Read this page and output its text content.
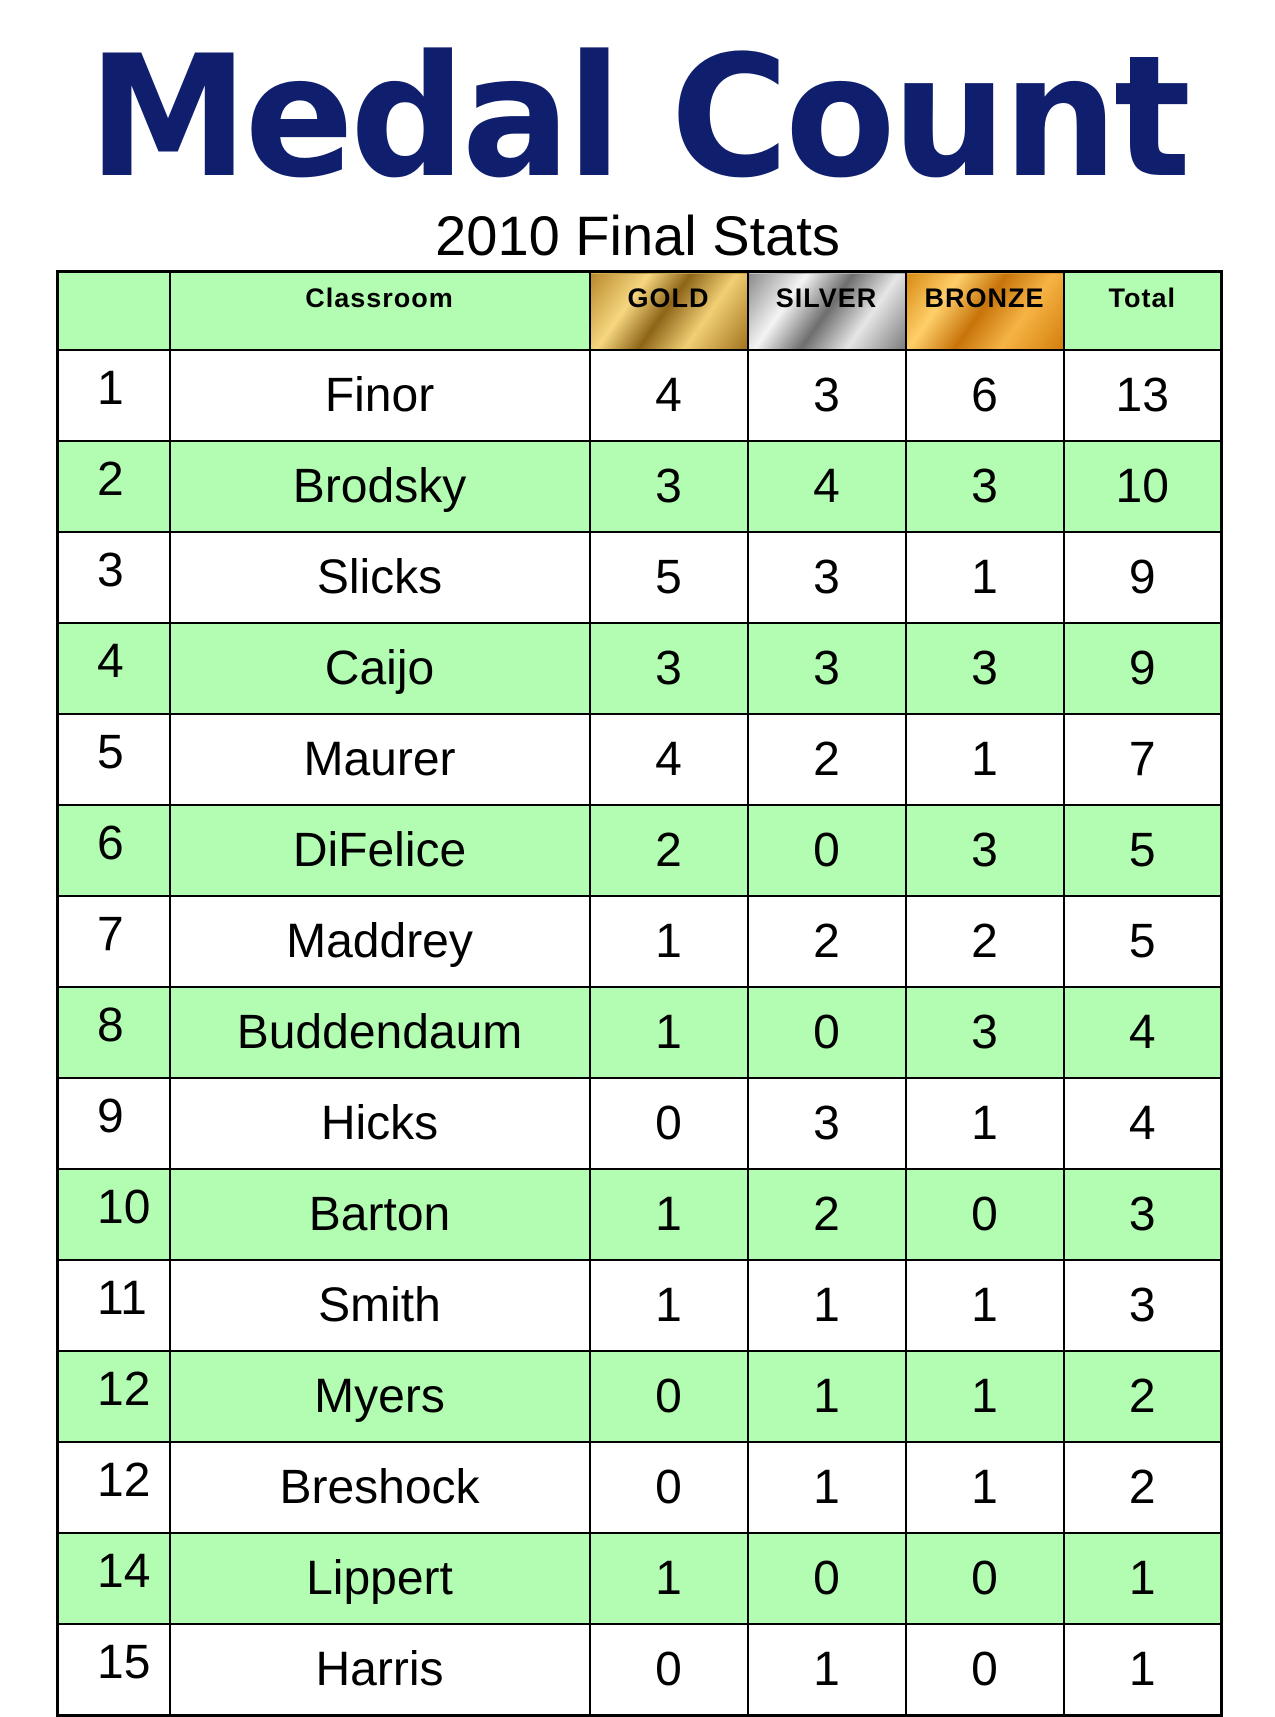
Medal Count
2010 Final Stats
	Classroom	GOLD	SILVER	BRONZE	Total
1	Finor	4	3	6	13
2	Brodsky	3	4	3	10
3	Slicks	5	3	1	9
4	Caijo	3	3	3	9
5	Maurer	4	2	1	7
6	DiFelice	2	0	3	5
7	Maddrey	1	2	2	5
8	Buddendaum	1	0	3	4
9	Hicks	0	3	1	4
10	Barton	1	2	0	3
11	Smith	1	1	1	3
12	Myers	0	1	1	2
12	Breshock	0	1	1	2
14	Lippert	1	0	0	1
15	Harris	0	1	0	1
